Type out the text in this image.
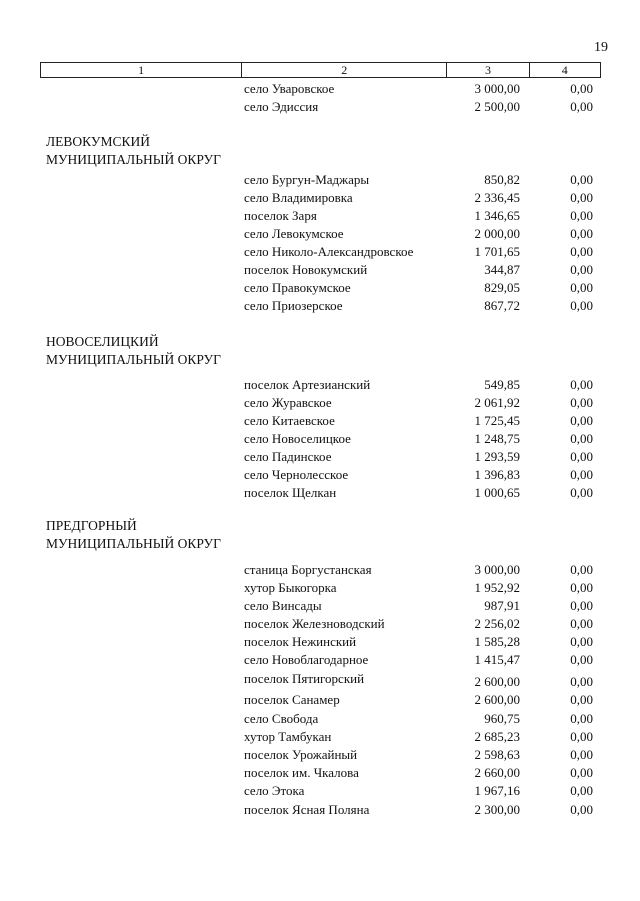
19
1	2	3	4
село Уваровское	3 000,00	0,00
село Эдиссия	2 500,00	0,00
ЛЕВОКУМСКИЙ
МУНИЦИПАЛЬНЫЙ ОКРУГ
село Бургун-Маджары	850,82	0,00
село Владимировка	2 336,45	0,00
поселок Заря	1 346,65	0,00
село Левокумское	2 000,00	0,00
село Николо-Александровское	1 701,65	0,00
поселок Новокумский	344,87	0,00
село Правокумское	829,05	0,00
село Приозерское	867,72	0,00
НОВОСЕЛИЦКИЙ
МУНИЦИПАЛЬНЫЙ ОКРУГ
поселок Артезианский	549,85	0,00
село Журавское	2 061,92	0,00
село Китаевское	1 725,45	0,00
село Новоселицкое	1 248,75	0,00
село Падинское	1 293,59	0,00
село Чернолесское	1 396,83	0,00
поселок Щелкан	1 000,65	0,00
ПРЕДГОРНЫЙ
МУНИЦИПАЛЬНЫЙ ОКРУГ
станица Боргустанская	3 000,00	0,00
хутор Быкогорка	1 952,92	0,00
село Винсады	987,91	0,00
поселок Железноводский	2 256,02	0,00
поселок Нежинский	1 585,28	0,00
село Новоблагодарное	1 415,47	0,00
поселок Пятигорский	2 600,00	0,00
поселок Санамер	2 600,00	0,00
село Свобода	960,75	0,00
хутор Тамбукан	2 685,23	0,00
поселок Урожайный	2 598,63	0,00
поселок им. Чкалова	2 660,00	0,00
село Этока	1 967,16	0,00
поселок Ясная Поляна	2 300,00	0,00
